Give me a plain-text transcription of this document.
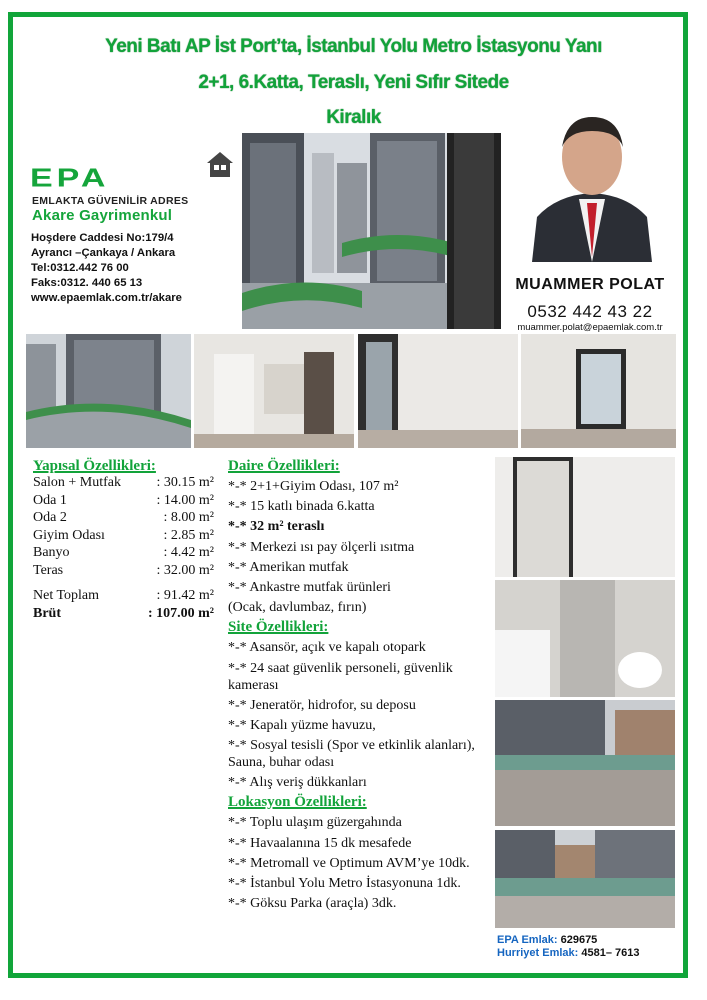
Yeni Batı AP İst Port’ta, İstanbul Yolu Metro İstasyonu Yanı
2+1, 6.Katta, Teraslı, Yeni Sıfır Sitede
Kiralık
EPA
EMLAKTA GÜVENİLİR ADRES
Akare Gayrimenkul
Hoşdere Caddesi No:179/4
Ayrancı –Çankaya / Ankara
Tel:0312.442 76 00
Faks:0312. 440 65 13
www.epaemlak.com.tr/akare
MUAMMER POLAT
0532 442 43 22
muammer.polat@epaemlak.com.tr
Yapısal Özellikleri:
Salon + Mutfak	: 30.15 m²
Oda 1	: 14.00 m²
Oda 2	: 8.00 m²
Giyim Odası	: 2.85 m²
Banyo	: 4.42 m²
Teras	: 32.00 m²
Net Toplam	: 91.42 m²
Brüt	: 107.00 m²
Daire Özellikleri:
*-* 2+1+Giyim Odası, 107 m²
*-* 15 katlı binada 6.katta
*-* 32 m² teraslı
*-* Merkezi ısı pay ölçerli ısıtma
*-* Amerikan mutfak
*-* Ankastre mutfak ürünleri
(Ocak, davlumbaz, fırın)
Site Özellikleri:
*-* Asansör, açık ve kapalı otopark
*-* 24 saat güvenlik personeli, güvenlik kamerası
*-* Jeneratör, hidrofor, su deposu
*-* Kapalı yüzme havuzu,
*-* Sosyal tesisli (Spor ve etkinlik alanları), Sauna, buhar odası
*-* Alış veriş dükkanları
Lokasyon Özellikleri:
*-* Toplu ulaşım güzergahında
*-* Havaalanına 15 dk mesafede
*-* Metromall ve Optimum AVM’ye 10dk.
*-* İstanbul Yolu Metro İstasyonuna 1dk.
*-* Göksu Parka (araçla) 3dk.
EPA Emlak: 629675
Hurriyet Emlak: 4581– 7613
